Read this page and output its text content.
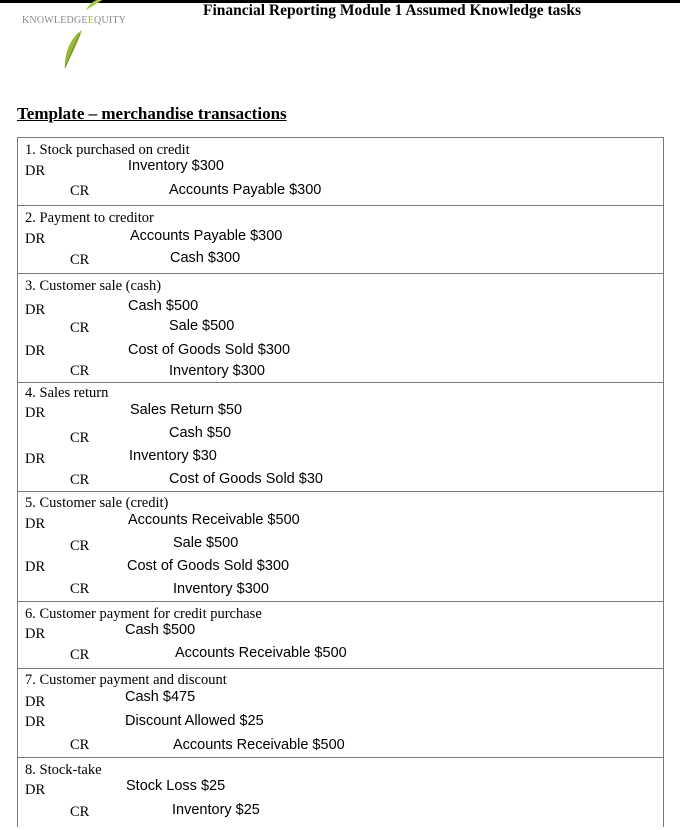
KNOWLEDGEEQUITY
Financial Reporting Module 1 Assumed Knowledge tasks
Template – merchandise transactions
1. Stock purchased on credit
DR	Inventory $300
CR	Accounts Payable $300
2. Payment to creditor
DR	Accounts Payable $300
CR	Cash $300
3. Customer sale (cash)
DR	Cash $500
CR	Sale $500
DR	Cost of Goods Sold $300
CR	Inventory $300
4. Sales return
DR	Sales Return $50
CR	Cash $50
DR	Inventory $30
CR	Cost of Goods Sold $30
5. Customer sale (credit)
DR	Accounts Receivable $500
CR	Sale $500
DR	Cost of Goods Sold $300
CR	Inventory $300
6. Customer payment for credit purchase
DR	Cash $500
CR	Accounts Receivable $500
7. Customer payment and discount
DR	Cash $475
DR	Discount Allowed $25
CR	Accounts Receivable $500
8. Stock-take
DR	Stock Loss $25
CR	Inventory $25
